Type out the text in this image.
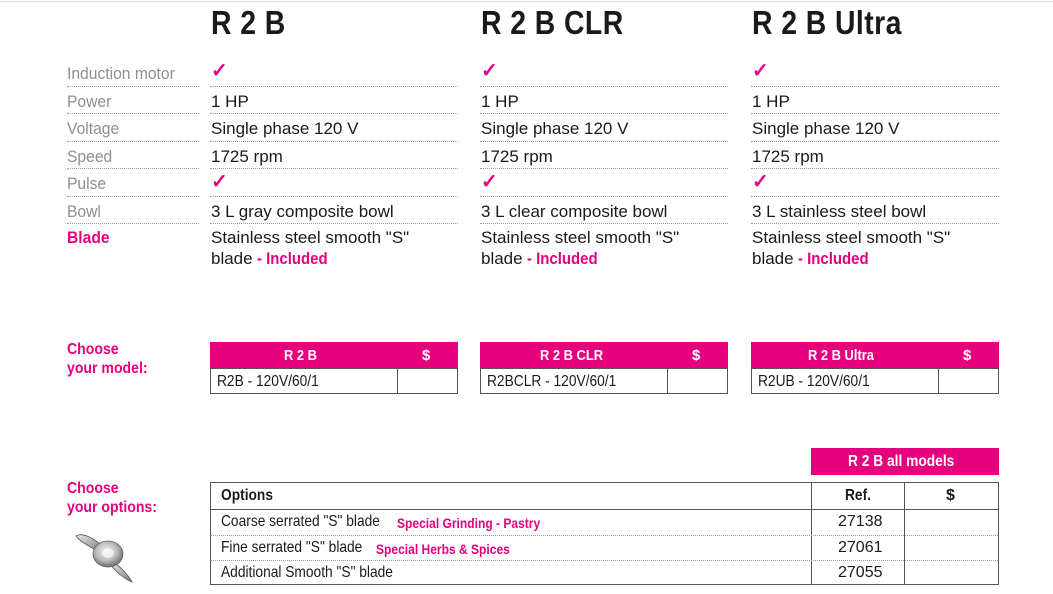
R 2 B	R 2 B CLR	R 2 B Ultra
Induction motor
Power
Voltage
Speed
Pulse
Bowl
Blade
✓
1 HP
Single phase 120 V
1725 rpm
✓
3 L gray composite bowl
Stainless steel smooth "S"
blade - Included
✓
1 HP
Single phase 120 V
1725 rpm
✓
3 L clear composite bowl
Stainless steel smooth "S"
blade - Included
✓
1 HP
Single phase 120 V
1725 rpm
✓
3 L stainless steel bowl
Stainless steel smooth "S"
blade - Included
Choose
your model:
R 2 B	$
R2B - 120V/60/1
R 2 B CLR	$
R2BCLR - 120V/60/1
R 2 B Ultra	$
R2UB - 120V/60/1
Choose
your options:
R 2 B all models
Options	Ref.	$
Coarse serrated "S" blade	Special Grinding - Pastry	27138
Fine serrated "S" blade Special Herbs & Spices	27061
Additional Smooth "S" blade	27055
